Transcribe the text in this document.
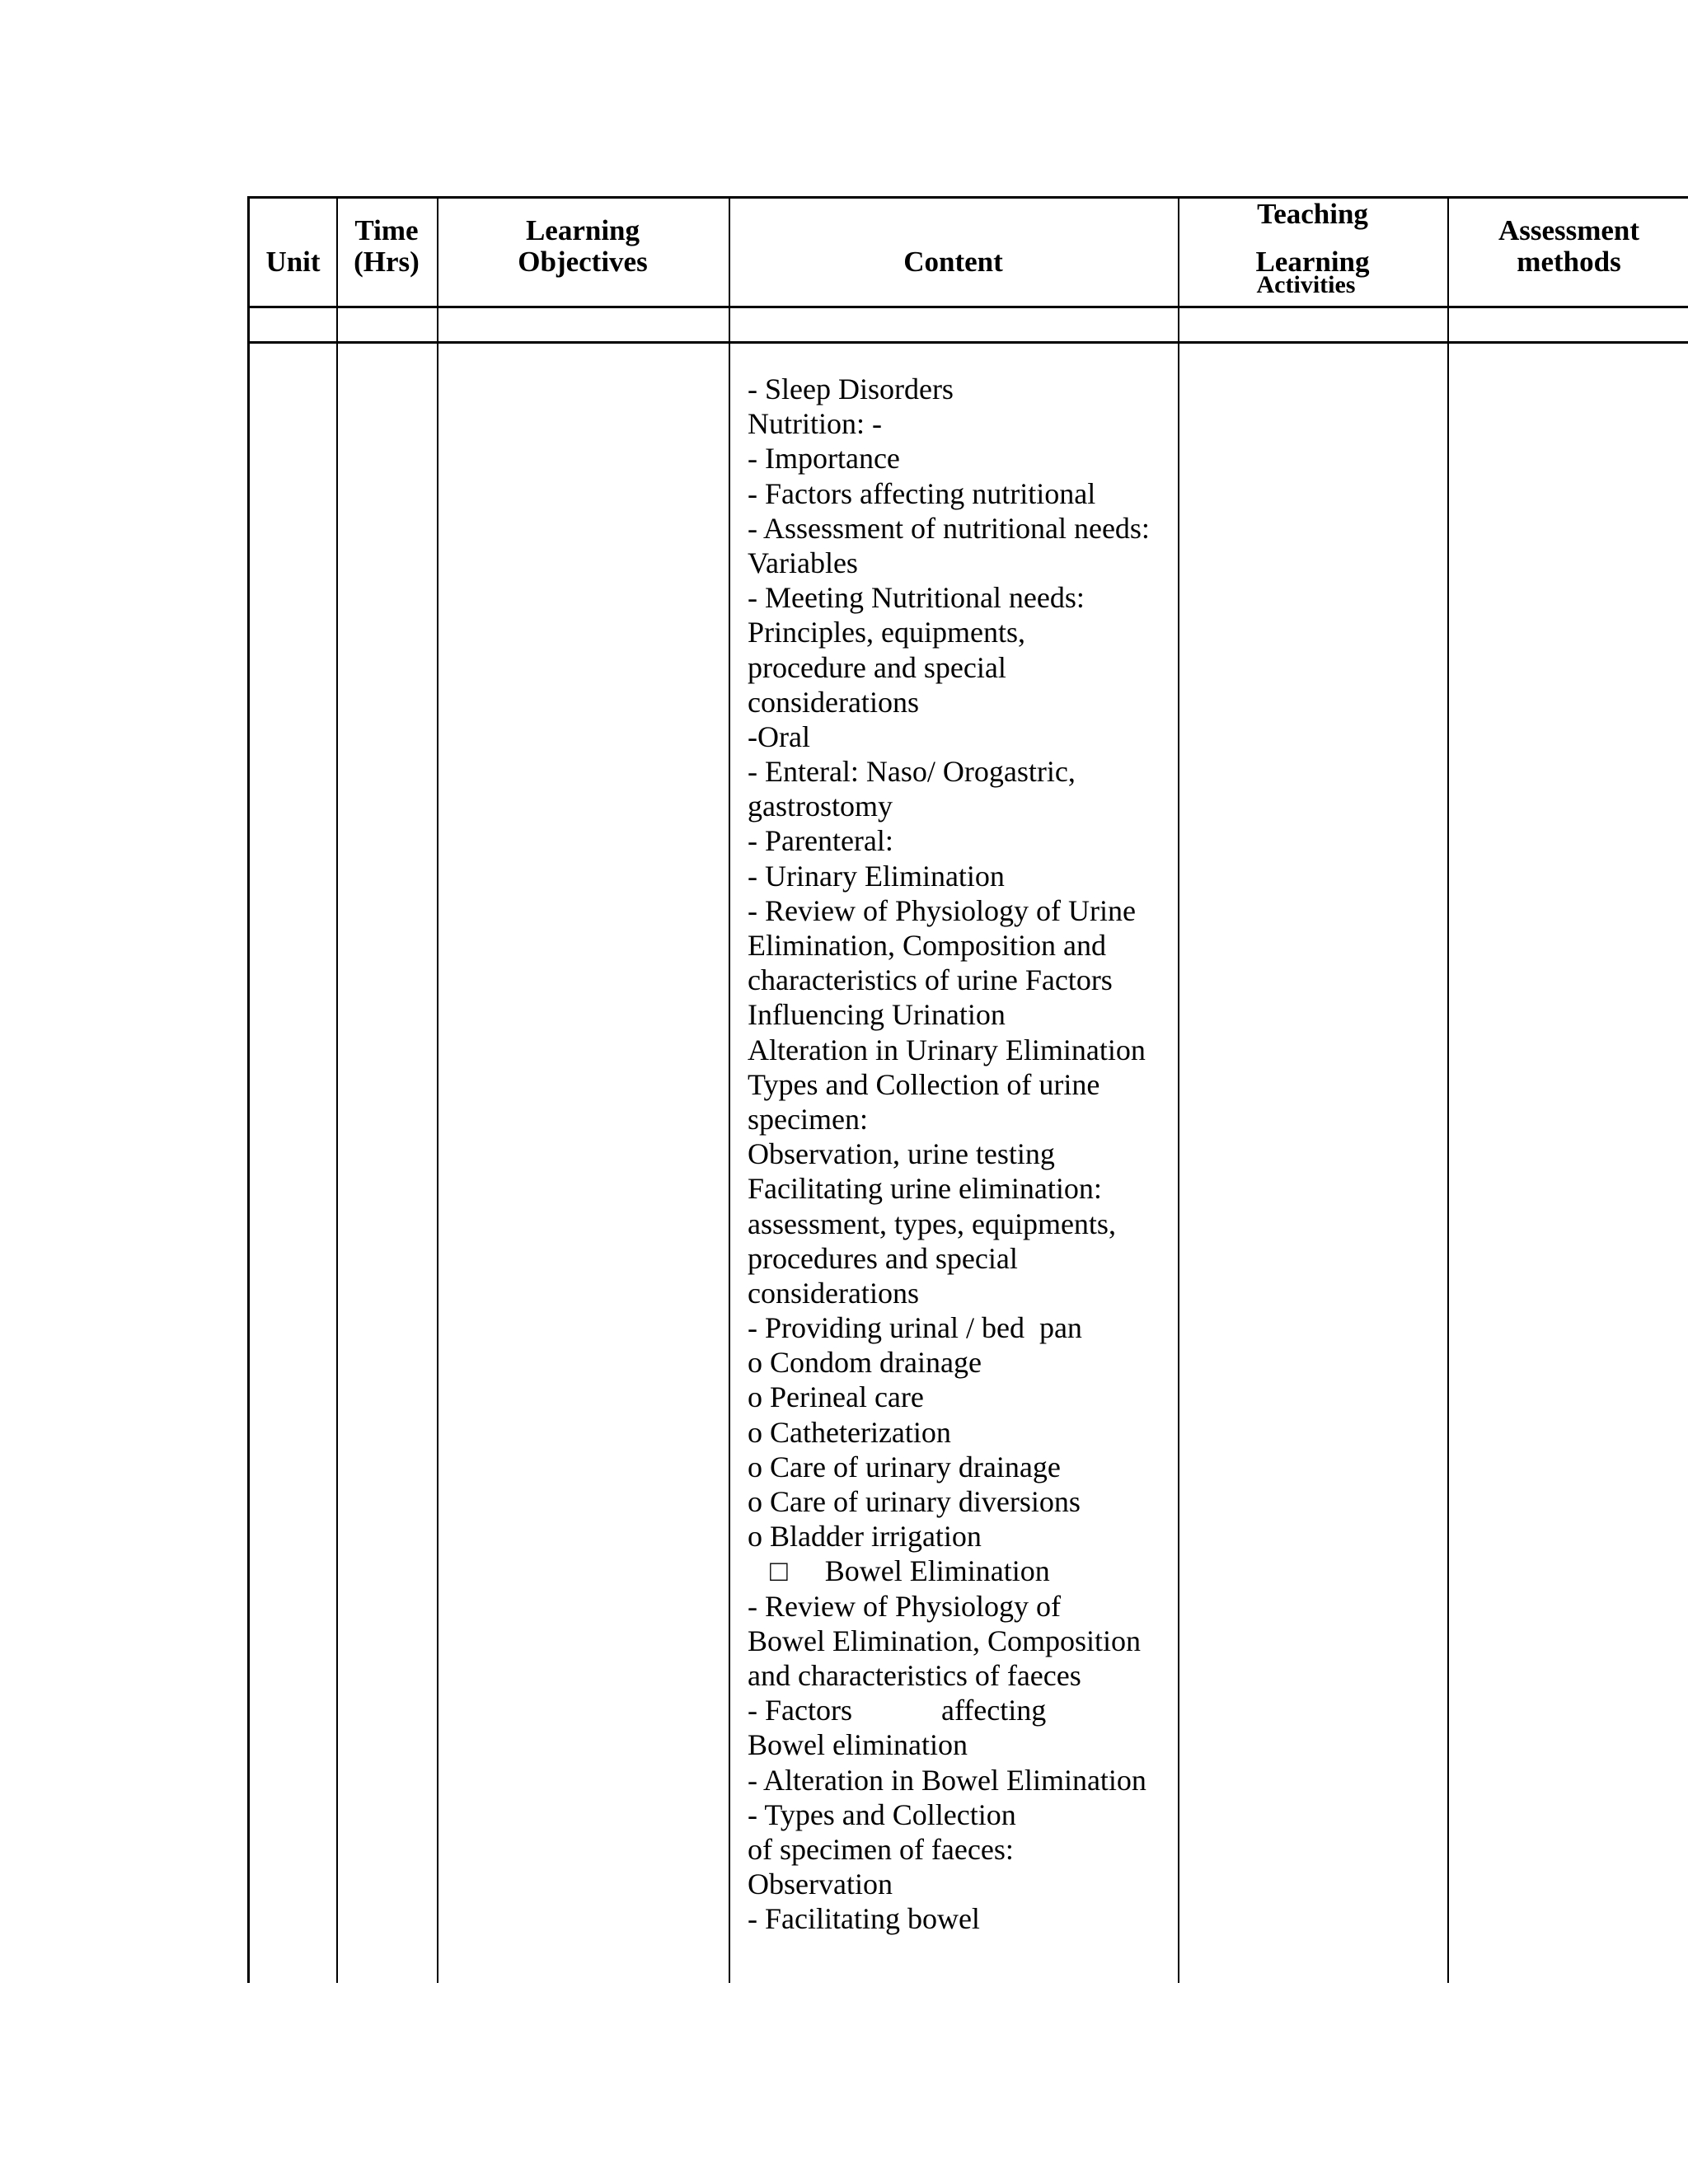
Unit
Time
(Hrs)
Learning
Objectives	Content
Teaching
Learning
Activities
Assessment
methods
- Sleep Disorders
Nutrition: -
- Importance
- Factors affecting nutritional
- Assessment of nutritional needs:
Variables
- Meeting Nutritional needs:
Principles, equipments,
procedure and special
considerations
-Oral
- Enteral: Naso/ Orogastric,
gastrostomy
- Parenteral:
- Urinary Elimination
- Review of Physiology of Urine
Elimination, Composition and
characteristics of urine Factors
Influencing Urination
Alteration in Urinary Elimination
Types and Collection of urine
specimen:
Observation, urine testing
Facilitating urine elimination:
assessment, types, equipments,
procedures and special
considerations
- Providing urinal / bed  pan
o Condom drainage
o Perineal care
o Catheterization
o Care of urinary drainage
o Care of urinary diversions
o Bladder irrigation
□     Bowel Elimination
- Review of Physiology of
Bowel Elimination, Composition
and characteristics of faeces
- Factors            affecting
Bowel elimination
- Alteration in Bowel Elimination
- Types and Collection
of specimen of faeces:
Observation
- Facilitating bowel
